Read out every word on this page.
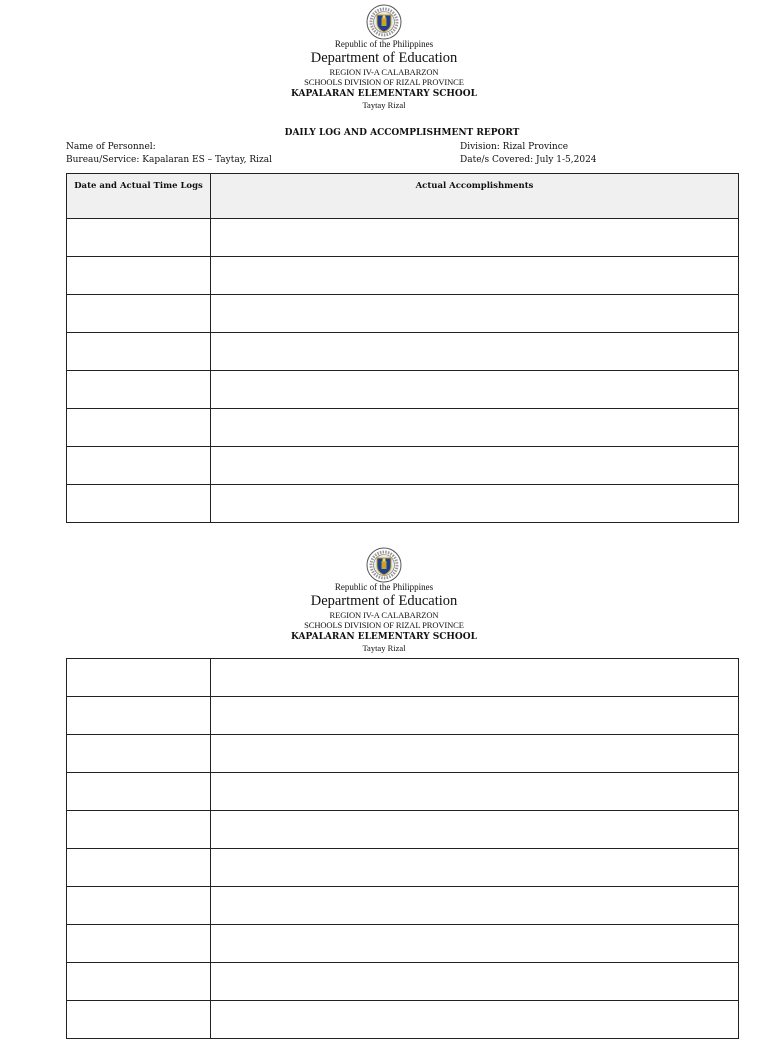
Republic of the Philippines
Department of Education
REGION IV-A CALABARZON
SCHOOLS DIVISION OF RIZAL PROVINCE
KAPALARAN ELEMENTARY SCHOOL
Taytay Rizal
DAILY LOG AND ACCOMPLISHMENT REPORT
Name of Personnel:
Bureau/Service: Kapalaran ES – Taytay, Rizal
Division: Rizal Province
Date/s Covered: July 1-5,2024
Date and Actual Time Logs	Actual Accomplishments

Republic of the Philippines
Department of Education
REGION IV-A CALABARZON
SCHOOLS DIVISION OF RIZAL PROVINCE
KAPALARAN ELEMENTARY SCHOOL
Taytay Rizal
